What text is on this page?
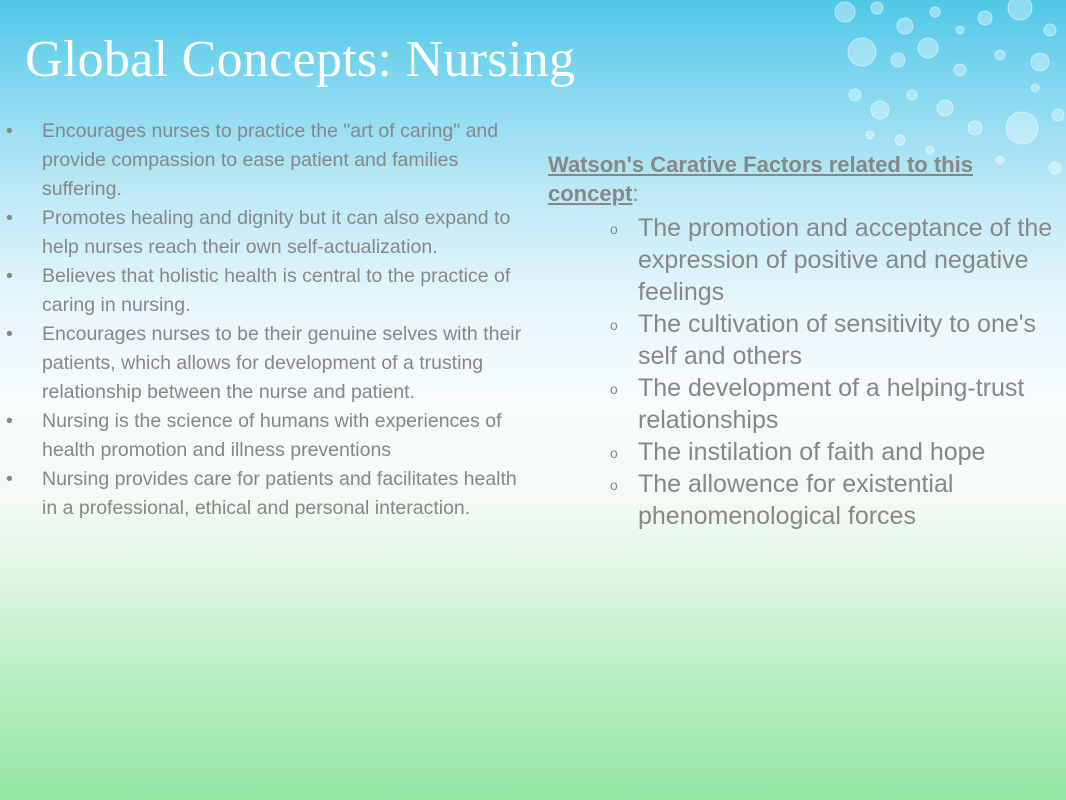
Global Concepts: Nursing
• Encourages nurses to practice the "art of caring" and provide compassion to ease patient and families suffering.
• Promotes healing and dignity but it can also expand to help nurses reach their own self-actualization.
• Believes that holistic health is central to the practice of caring in nursing.
• Encourages nurses to be their genuine selves with their patients, which allows for development of a trusting relationship between the nurse and patient.
• Nursing is the science of humans with experiences of health promotion and illness preventions
• Nursing provides care for patients and facilitates health in a professional, ethical and personal interaction.

Watson's Carative Factors related to this concept:

o The promotion and acceptance of the expression of positive and negative feelings
o The cultivation of sensitivity to one's self and others
o The development of a helping-trust relationships
o The instilation of faith and hope
o The allowence for existential phenomenological forces
